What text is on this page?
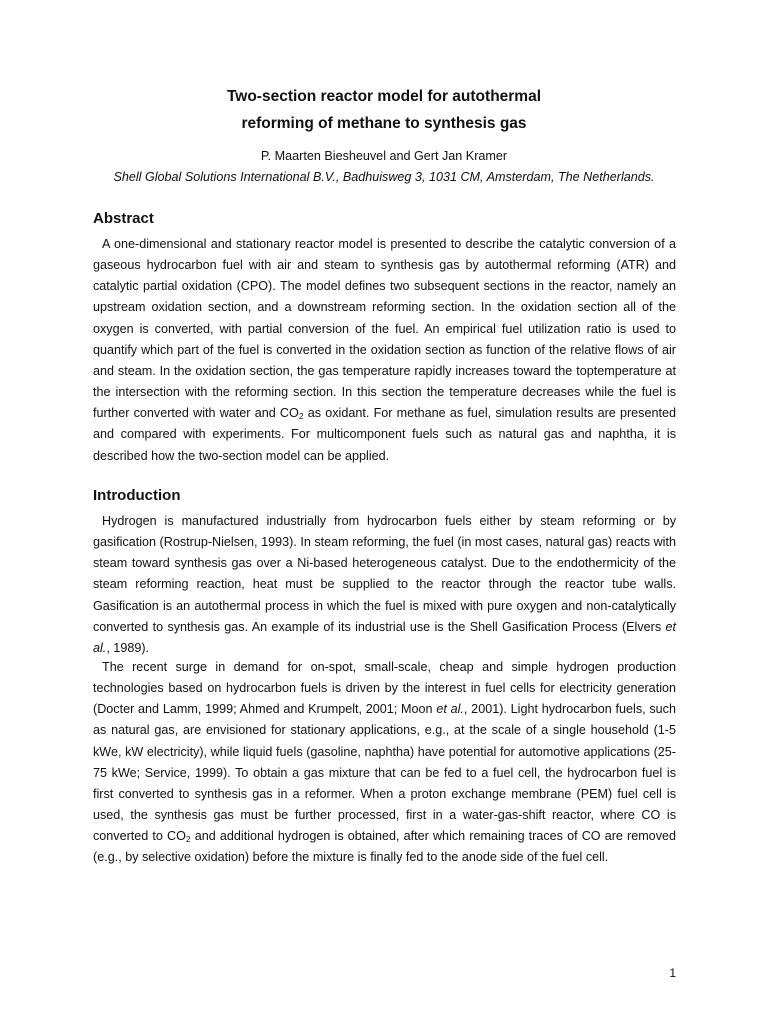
Two-section reactor model for autothermal
reforming of methane to synthesis gas
P. Maarten Biesheuvel and Gert Jan Kramer
Shell Global Solutions International B.V., Badhuisweg 3, 1031 CM, Amsterdam, The Netherlands.
Abstract

A one-dimensional and stationary reactor model is presented to describe the catalytic conversion of a gaseous hydrocarbon fuel with air and steam to synthesis gas by autothermal reforming (ATR) and catalytic partial oxidation (CPO). The model defines two subsequent sections in the reactor, namely an upstream oxidation section, and a downstream reforming section. In the oxidation section all of the oxygen is converted, with partial conversion of the fuel. An empirical fuel utilization ratio is used to quantify which part of the fuel is converted in the oxidation section as function of the relative flows of air and steam. In the oxidation section, the gas temperature rapidly increases toward the toptemperature at the intersection with the reforming section. In this section the temperature decreases while the fuel is further converted with water and $CO_2$ as oxidant. For methane as fuel, simulation results are presented and compared with experiments. For multicomponent fuels such as natural gas and naphtha, it is described how the two-section model can be applied.

Introduction

Hydrogen is manufactured industrially from hydrocarbon fuels either by steam reforming or by gasification (Rostrup-Nielsen, 1993). In steam reforming, the fuel (in most cases, natural gas) reacts with steam toward synthesis gas over a Ni-based heterogeneous catalyst. Due to the endothermicity of the steam reforming reaction, heat must be supplied to the reactor through the reactor tube walls. Gasification is an autothermal process in which the fuel is mixed with pure oxygen and non-catalytically converted to synthesis gas. An example of its industrial use is the Shell Gasification Process (Elvers et al., 1989).

The recent surge in demand for on-spot, small-scale, cheap and simple hydrogen production technologies based on hydrocarbon fuels is driven by the interest in fuel cells for electricity generation (Docter and Lamm, 1999; Ahmed and Krumpelt, 2001; Moon et al., 2001). Light hydrocarbon fuels, such as natural gas, are envisioned for stationary applications, e.g., at the scale of a single household (1-5 kWe, kW electricity), while liquid fuels (gasoline, naphtha) have potential for automotive applications (25-75 kWe; Service, 1999). To obtain a gas mixture that can be fed to a fuel cell, the hydrocarbon fuel is first converted to synthesis gas in a reformer. When a proton exchange membrane (PEM) fuel cell is used, the synthesis gas must be further processed, first in a water-gas-shift reactor, where CO is converted to $CO_2$ and additional hydrogen is obtained, after which remaining traces of CO are removed (e.g., by selective oxidation) before the mixture is finally fed to the anode side of the fuel cell.

1
